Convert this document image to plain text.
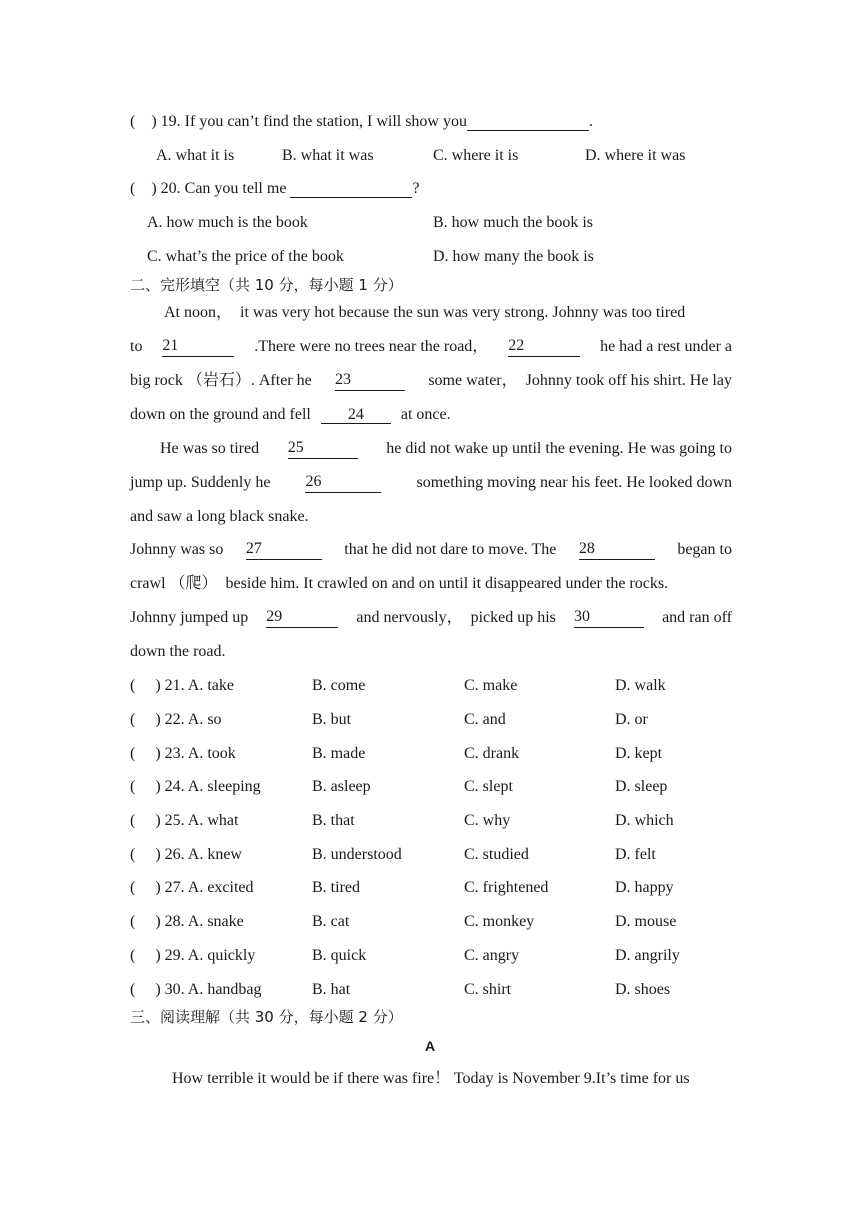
(    ) 19. If you can’t find the station, I will show you	.
A. what it is	B. what it was	C. where it is	D. where it was
(    ) 20. Can you tell me	?
A. how much is the book	B. how much the book is
C. what’s the price of the book	D. how many the book is
二、完形填空（共 10 分，每小题 1 分）
At noon，  it was very hot because the sun was very strong. Johnny was too tired
to 21	.There were no trees near the road， 22	he had a rest under a
big rock （岩石）. After he 23	some water，  Johnny took off his shirt. He lay
down on the ground and fell 24 at once.
He was so tired 25	he did not wake up until the evening. He was going to
jump up. Suddenly he 26	something moving near his feet. He looked down
and saw a long black snake.
Johnny was so 27	that he did not dare to move. The 28	began to
crawl （爬）  beside him. It crawled on and on until it disappeared under the rocks.
Johnny jumped up 29	and nervously，  picked up his 30	and ran off
down the road.
(     ) 21. A. take	B. come	C. make	D. walk
(     ) 22. A. so	B. but	C. and	D. or
(     ) 23. A. took	B. made	C. drank	D. kept
(     ) 24. A. sleeping	B. asleep	C. slept	D. sleep
(     ) 25. A. what	B. that	C. why	D. which
(     ) 26. A. knew	B. understood	C. studied	D. felt
(     ) 27. A. excited	B. tired	C. frightened	D. happy
(     ) 28. A. snake	B. cat	C. monkey	D. mouse
(     ) 29. A. quickly	B. quick	C. angry	D. angrily
(     ) 30. A. handbag	B. hat	C. shirt	D. shoes
三、阅读理解（共 30 分，每小题 2 分）
A
How terrible it would be if there was fire！ Today is November 9.It’s time for us
